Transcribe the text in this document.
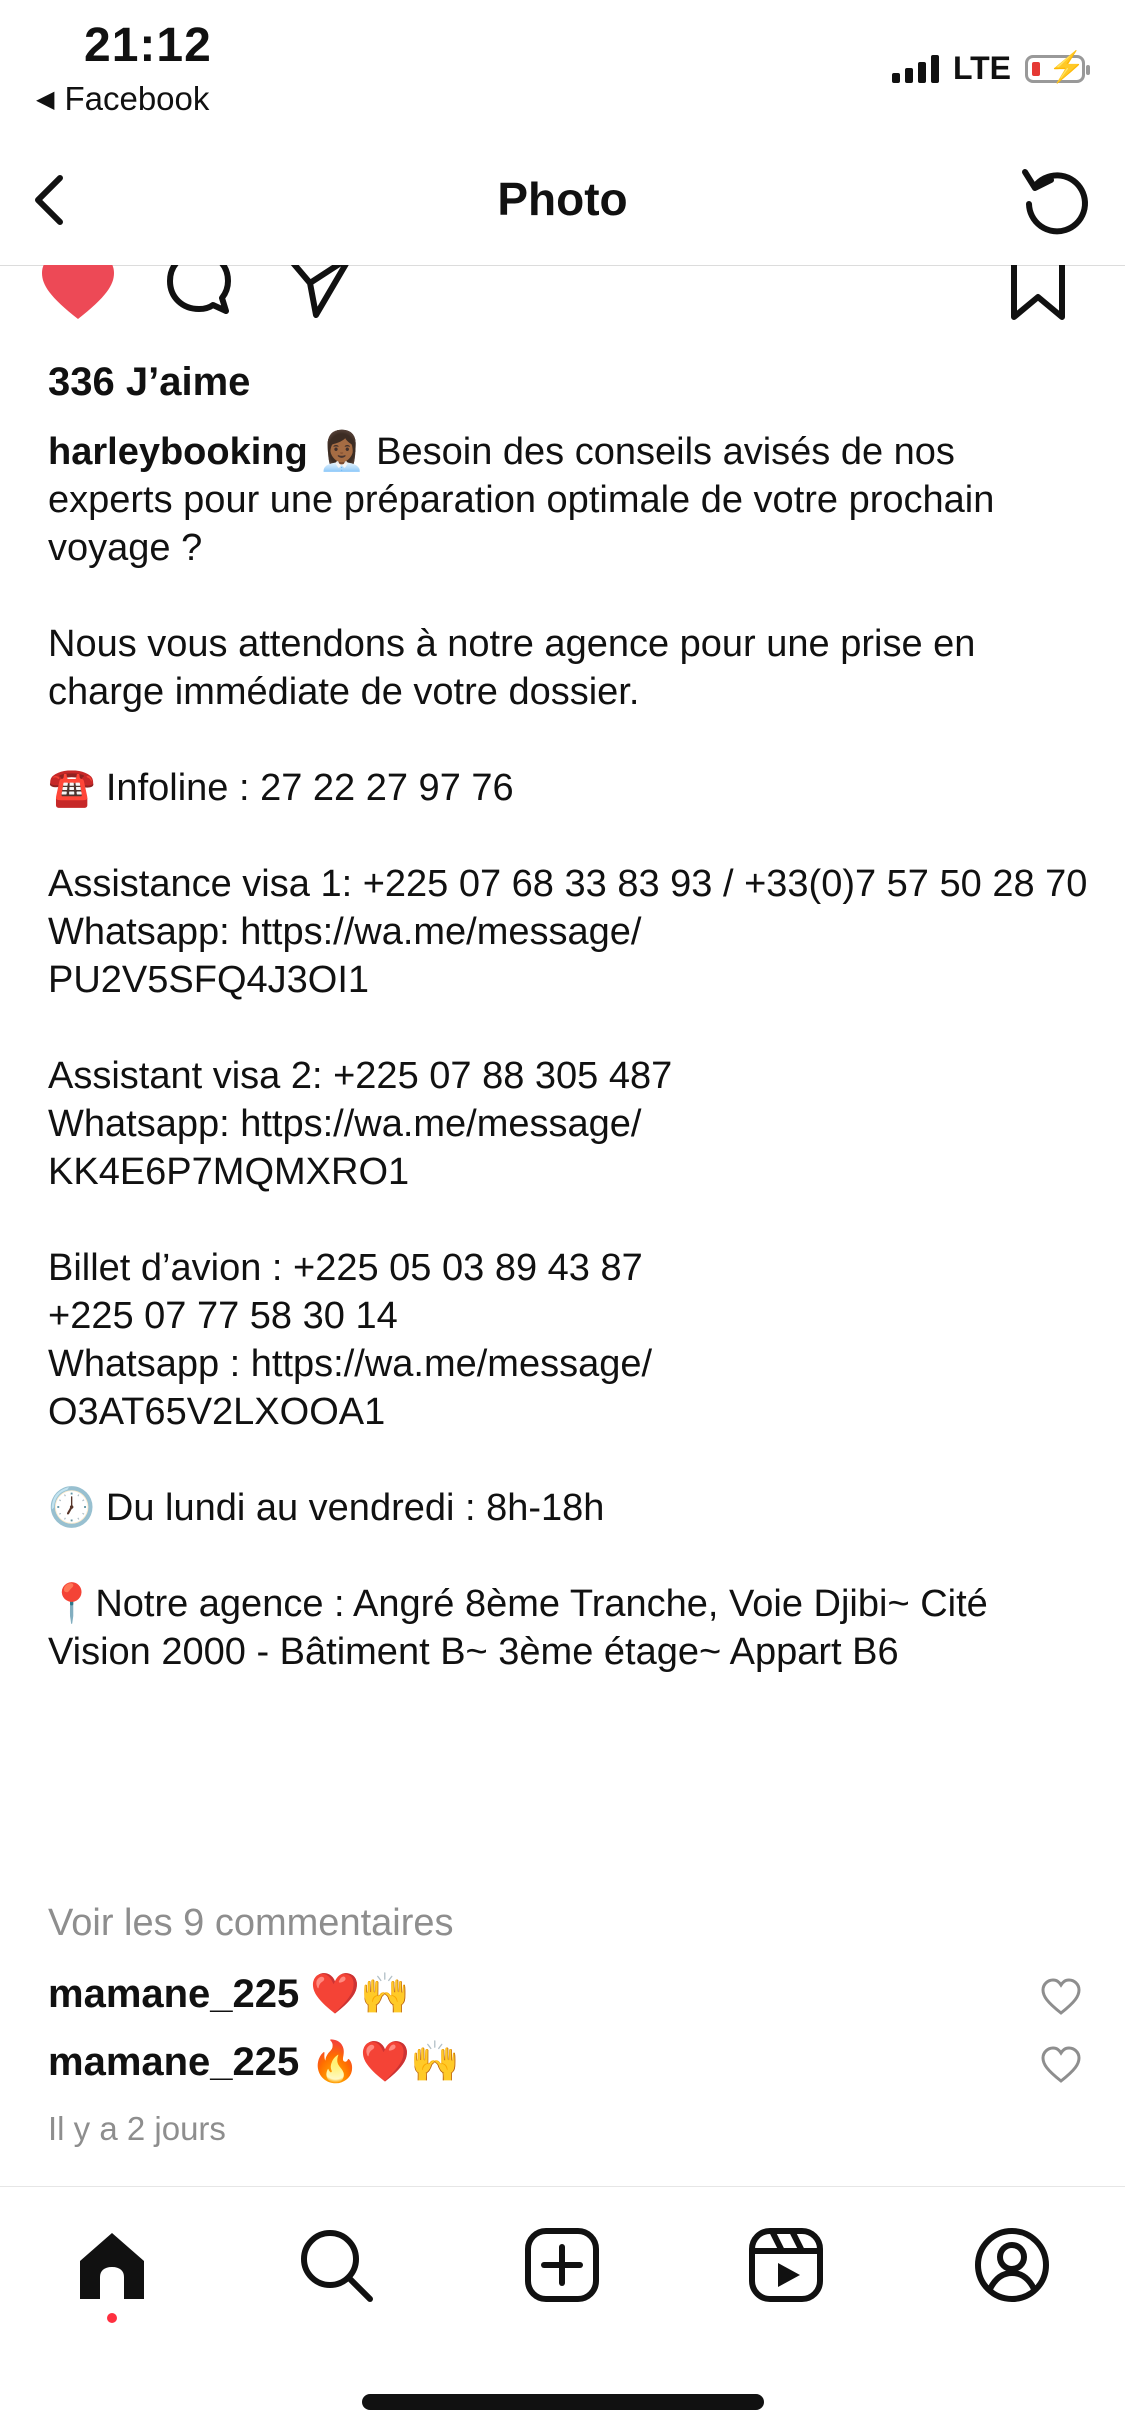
21:12
◀ Facebook
LTE ⚡
Photo
336 J’aime
harleybooking 👩🏾‍💼 Besoin des conseils avisés de nos experts pour une préparation optimale de votre prochain voyage ?

Nous vous attendons à notre agence pour une prise en charge immédiate de votre dossier.

☎️ Infoline : 27 22 27 97 76

Assistance visa 1: +225 07 68 33 83 93 / +33(0)7 57 50 28 70
Whatsapp: https://wa.me/message/
PU2V5SFQ4J3OI1

Assistant visa 2: +225 07 88 305 487
Whatsapp: https://wa.me/message/
KK4E6P7MQMXRO1

Billet d’avion : +225 05 03 89 43 87
+225 07 77 58 30 14
Whatsapp : https://wa.me/message/
O3AT65V2LXOOA1

🕖 Du lundi au vendredi : 8h-18h

📍Notre agence : Angré 8ème Tranche, Voie Djibi~ Cité Vision 2000 - Bâtiment B~ 3ème étage~ Appart B6
Voir les 9 commentaires
mamane_225 ❤️🙌
mamane_225 🔥❤️🙌
Il y a 2 jours
